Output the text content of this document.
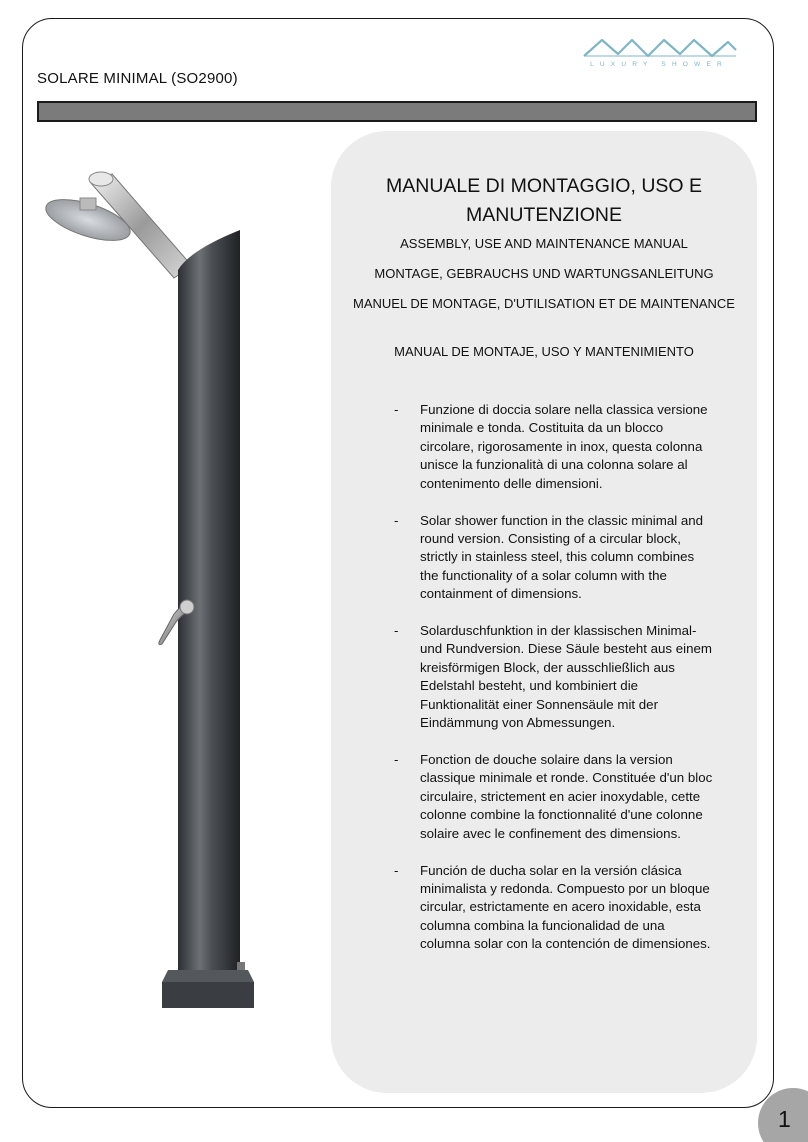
SOLARE MINIMAL (SO2900)
LUXURY SHOWER
MANUALE DI MONTAGGIO, USO E MANUTENZIONE
ASSEMBLY, USE AND MAINTENANCE MANUAL
MONTAGE, GEBRAUCHS UND WARTUNGSANLEITUNG
MANUEL DE MONTAGE, D'UTILISATION ET DE MAINTENANCE
MANUAL DE MONTAJE, USO Y MANTENIMIENTO
-	Funzione di doccia solare nella classica versione minimale e tonda. Costituita da un blocco circolare, rigorosamente in inox, questa colonna unisce la funzionalità di una colonna solare al contenimento delle dimensioni.
-	Solar shower function in the classic minimal and round version. Consisting of a circular block, strictly in stainless steel, this column combines the functionality of a solar column with the containment of dimensions.
-	Solarduschfunktion in der klassischen Minimal- und Rundversion. Diese Säule besteht aus einem kreisförmigen Block, der ausschließlich aus Edelstahl besteht, und kombiniert die Funktionalität einer Sonnensäule mit der Eindämmung von Abmessungen.
-	Fonction de douche solaire dans la version classique minimale et ronde. Constituée d'un bloc circulaire, strictement en acier inoxydable, cette colonne combine la fonctionnalité d'une colonne solaire avec le confinement des dimensions.
-	Función de ducha solar en la versión clásica minimalista y redonda. Compuesto por un bloque circular, estrictamente en acero inoxidable, esta columna combina la funcionalidad de una columna solar con la contención de dimensiones.
1
